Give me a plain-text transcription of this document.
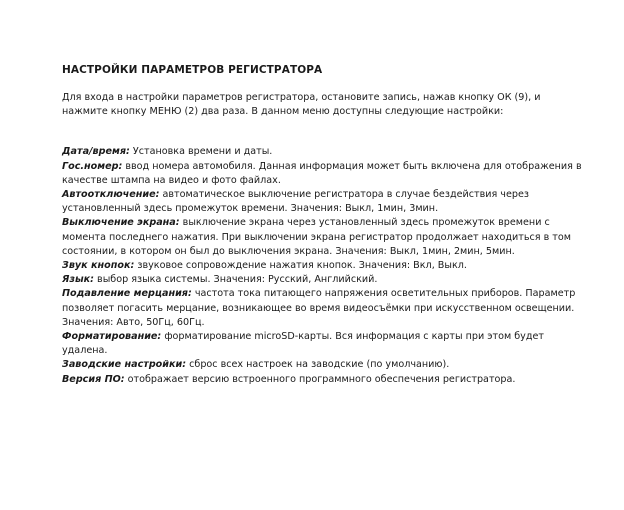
НАСТРОЙКИ ПАРАМЕТРОВ РЕГИСТРАТОРА

Для входа в настройки параметров регистратора, остановите запись, нажав кнопку ОК (9), и нажмите кнопку МЕНЮ (2) два раза. В данном меню доступны следующие настройки:

Дата/время: Установка времени и даты.

Гос.номер: ввод номера автомобиля. Данная информация может быть включена для отображения в качестве штампа на видео и фото файлах.

Автоотключение: автоматическое выключение регистратора в случае бездействия через установленный здесь промежуток времени. Значения: Выкл, 1мин, 3мин.

Выключение экрана: выключение экрана через установленный здесь промежуток времени с момента последнего нажатия. При выключении экрана регистратор продолжает находиться в том состоянии, в котором он был до выключения экрана. Значения: Выкл, 1мин, 2мин, 5мин.

Звук кнопок: звуковое сопровождение нажатия кнопок. Значения: Вкл, Выкл.

Язык: выбор языка системы. Значения: Русский, Английский.

Подавление мерцания: частота тока питающего напряжения осветительных приборов. Параметр позволяет погасить мерцание, возникающее во время видеосъёмки при искусственном освещении. Значения: Авто, 50Гц, 60Гц.

Форматирование: форматирование microSD-карты. Вся информация с карты при этом будет удалена.

Заводские настройки: сброс всех настроек на заводские (по умолчанию).

Версия ПО: отображает версию встроенного программного обеспечения регистратора.
